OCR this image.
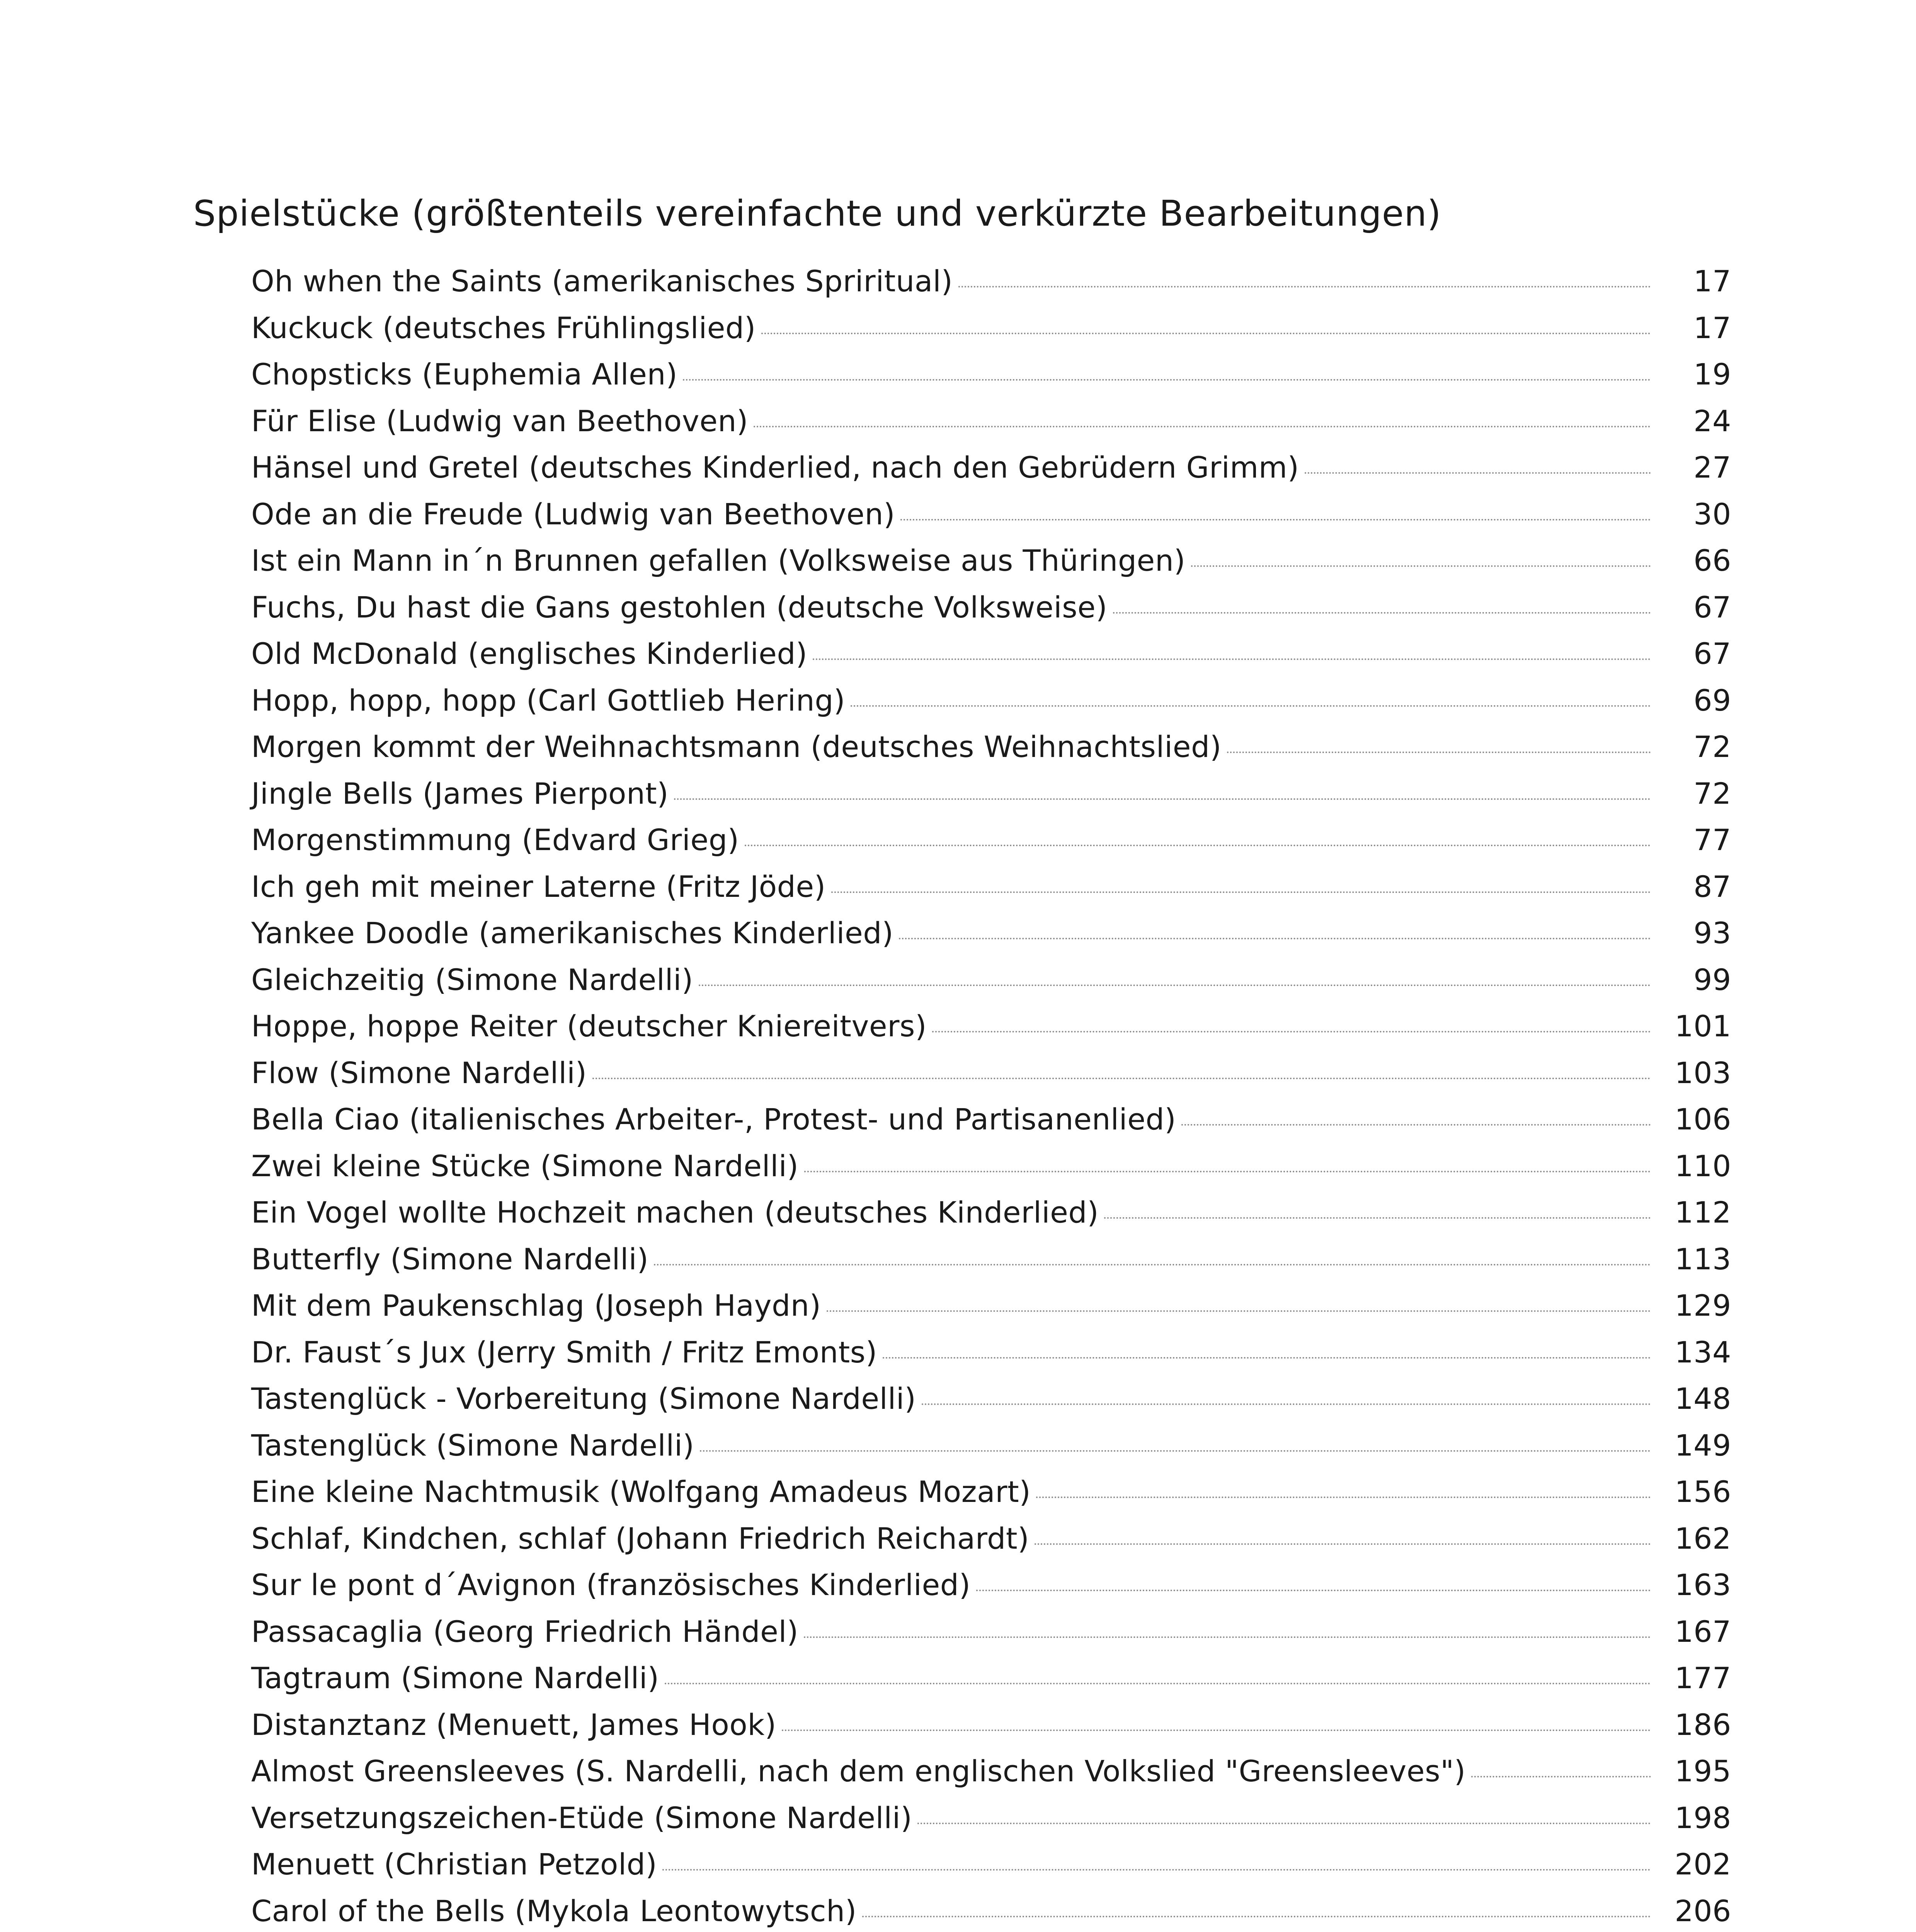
Spielstücke (größtenteils vereinfachte und verkürzte Bearbeitungen)
Oh when the Saints (amerikanisches Spriritual)	17
Kuckuck (deutsches Frühlingslied)	17
Chopsticks (Euphemia Allen)	19
Für Elise (Ludwig van Beethoven)	24
Hänsel und Gretel (deutsches Kinderlied, nach den Gebrüdern Grimm)	27
Ode an die Freude (Ludwig van Beethoven)	30
Ist ein Mann in´n Brunnen gefallen (Volksweise aus Thüringen)	66
Fuchs, Du hast die Gans gestohlen (deutsche Volksweise)	67
Old McDonald (englisches Kinderlied)	67
Hopp, hopp, hopp (Carl Gottlieb Hering)	69
Morgen kommt der Weihnachtsmann (deutsches Weihnachtslied)	72
Jingle Bells (James Pierpont)	72
Morgenstimmung (Edvard Grieg)	77
Ich geh mit meiner Laterne (Fritz Jöde)	87
Yankee Doodle (amerikanisches Kinderlied)	93
Gleichzeitig (Simone Nardelli)	99
Hoppe, hoppe Reiter (deutscher Kniereitvers)	101
Flow (Simone Nardelli)	103
Bella Ciao (italienisches Arbeiter-, Protest- und Partisanenlied)	106
Zwei kleine Stücke (Simone Nardelli)	110
Ein Vogel wollte Hochzeit machen (deutsches Kinderlied)	112
Butterfly (Simone Nardelli)	113
Mit dem Paukenschlag (Joseph Haydn)	129
Dr. Faust´s Jux (Jerry Smith / Fritz Emonts)	134
Tastenglück - Vorbereitung (Simone Nardelli)	148
Tastenglück (Simone Nardelli)	149
Eine kleine Nachtmusik (Wolfgang Amadeus Mozart)	156
Schlaf, Kindchen, schlaf (Johann Friedrich Reichardt)	162
Sur le pont d´Avignon (französisches Kinderlied)	163
Passacaglia (Georg Friedrich Händel)	167
Tagtraum (Simone Nardelli)	177
Distanztanz (Menuett, James Hook)	186
Almost Greensleeves (S. Nardelli, nach dem englischen Volkslied "Greensleeves")	195
Versetzungszeichen-Etüde (Simone Nardelli)	198
Menuett (Christian Petzold)	202
Carol of the Bells (Mykola Leontowytsch)	206
